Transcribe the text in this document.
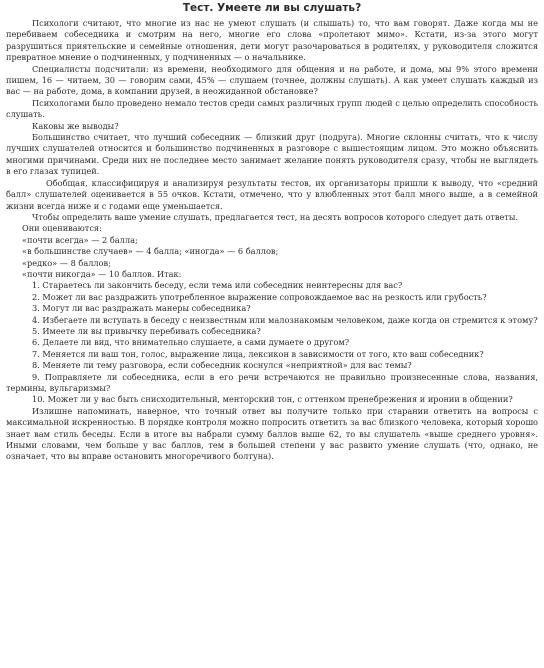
Тест. Умеете ли вы слушать?

Психологи считают, что многие из нас не умеют слушать (и слышать) то, что вам говорят. Даже когда мы не перебиваем собеседника и смотрим на него, многие его слова «пролетают мимо». Кстати, из-за этого могут разрушиться приятельские и семейные отношения, дети могут разочароваться в родителях, у руководителя сложится превратное мнение о подчиненных, у подчиненных — о начальнике.

Специалисты подсчитали: из времени, необходимого для общения и на работе, и дома, мы 9% этого времени пишем, 16 — читаем, 30 — говорим сами, 45% — слушаем (точнее, должны слушать). А как умеет слушать каждый из вас — на работе, дома, в компании друзей, в неожиданной обстановке?

Психологами было проведено немало тестов среди самых различных групп людей с целью определить способность слушать.

Каковы же выводы?

Большинство считает, что лучший собеседник — близкий друг (подруга). Многие склонны считать, что к числу лучших слушателей относится и большинство подчиненных в разговоре с вышестоящим лицом. Это можно объяснить многими причинами. Среди них не последнее место занимает желание понять руководителя сразу, чтобы не выглядеть в его глазах тупицей.

Обобщая, классифицируя и анализируя результаты тестов, их организаторы пришли к выводу, что «средний балл» слушателей оценивается в 55 очков. Кстати, отмечено, что у влюбленных этот балл много выше, а в семейной жизни всегда ниже и с годами еще уменьшается.

Чтобы определить ваше умение слушать, предлагается тест, на десять вопросов которого следует дать ответы.

Они оцениваются:

«почти всегда» — 2 балла;

«в большинстве случаев» — 4 балла; «иногда» — 6 баллов;

«редко» — 8 баллов;

«почти никогда» — 10 баллов. Итак:

1. Стараетесь ли закончить беседу, если тема или собеседник неинтересны для вас?

2. Может ли вас раздражить употребленное выражение сопровождаемое вас на резкость или грубость?

3. Могут ли вас раздражать манеры собеседника?

4. Избегаете ли вступать в беседу с неизвестным или малознакомым человеком, даже когда он стремится к этому?

5. Имеете ли вы привычку перебивать собеседника?

6. Делаете ли вид, что внимательно слушаете, а сами думаете о другом?

7. Меняется ли ваш тон, голос, выражение лица, лексикон в зависимости от того, кто ваш собеседник?

8. Меняете ли тему разговора, если собеседник коснулся «неприятной» для вас темы?

9. Поправляете ли собеседника, если в его речи встречаются не правильно произнесенные слова, названия, термины, вульгаризмы?

10. Может ли у вас быть снисходительный, менторский тон, с оттенком пренебрежения и иронии в общении?

Излишне напоминать, наверное, что точный ответ вы получите только при старании ответить на вопросы с максимальной искренностью. В порядке контроля можно попросить ответить за вас близкого человека, который хорошо знает вам стиль беседы. Если в итоге вы набрали сумму баллов выше 62, то вы слушатель «выше среднего уровня». Иными словами, чем больше у вас баллов, тем в большей степени у вас развито умение слушать (что, однако, не означает, что вы вправе остановить многоречивого болтуна).
